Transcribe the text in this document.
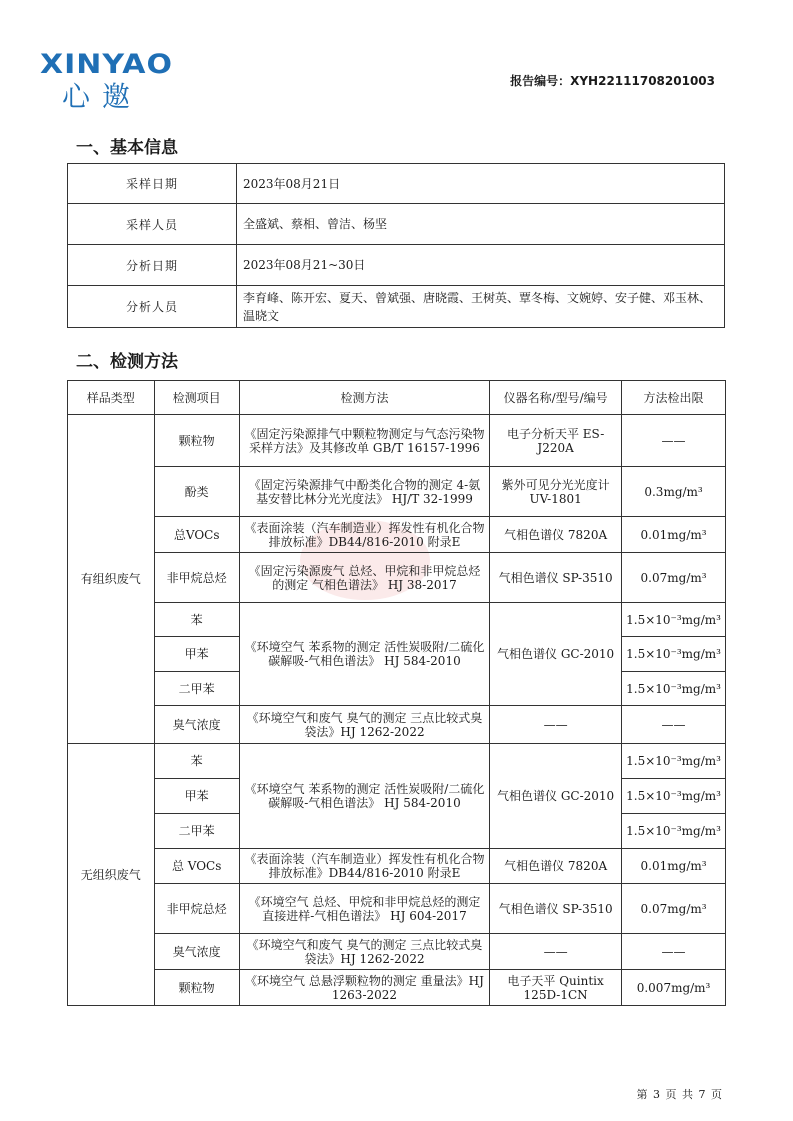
XINYAO
心邀	报告编号：XYH22111708201003
一、基本信息
采样日期	2023年08月21日
采样人员	全盛斌、蔡相、曾洁、杨坚
分析日期	2023年08月21~30日
分析人员	李育峰、陈开宏、夏天、曾斌强、唐晓霞、王树英、覃冬梅、文婉婷、安子健、邓玉林、温晓文
二、检测方法
样品类型	检测项目	检测方法	仪器名称/型号/编号	方法检出限
有组织废气	颗粒物	《固定污染源排气中颗粒物测定与气态污染物采样方法》及其修改单 GB/T 16157-1996	电子分析天平 ES-J220A	——
	酚类	《固定污染源排气中酚类化合物的测定 4-氨基安替比林分光光度法》 HJ/T 32-1999	紫外可见分光光度计UV-1801	0.3mg/m³
	总VOCs	《表面涂装（汽车制造业）挥发性有机化合物排放标准》DB44/816-2010 附录E	气相色谱仪 7820A	0.01mg/m³
	非甲烷总烃	《固定污染源废气 总烃、甲烷和非甲烷总烃的测定 气相色谱法》 HJ 38-2017	气相色谱仪 SP-3510	0.07mg/m³
	苯	《环境空气 苯系物的测定 活性炭吸附/二硫化碳解吸-气相色谱法》 HJ 584-2010	气相色谱仪 GC-2010	1.5×10⁻³mg/m³
	甲苯			1.5×10⁻³mg/m³
	二甲苯			1.5×10⁻³mg/m³
	臭气浓度	《环境空气和废气 臭气的测定 三点比较式臭袋法》HJ 1262-2022	——	——
无组织废气	苯	《环境空气 苯系物的测定 活性炭吸附/二硫化碳解吸-气相色谱法》 HJ 584-2010	气相色谱仪 GC-2010	1.5×10⁻³mg/m³
	甲苯			1.5×10⁻³mg/m³
	二甲苯			1.5×10⁻³mg/m³
	总 VOCs	《表面涂装（汽车制造业）挥发性有机化合物排放标准》DB44/816-2010 附录E	气相色谱仪 7820A	0.01mg/m³
	非甲烷总烃	《环境空气 总烃、甲烷和非甲烷总烃的测定直接进样-气相色谱法》 HJ 604-2017	气相色谱仪 SP-3510	0.07mg/m³
	臭气浓度	《环境空气和废气 臭气的测定 三点比较式臭袋法》HJ 1262-2022	——	——
	颗粒物	《环境空气 总悬浮颗粒物的测定 重量法》HJ 1263-2022	电子天平 Quintix 125D-1CN	0.007mg/m³
第 3 页 共 7 页
